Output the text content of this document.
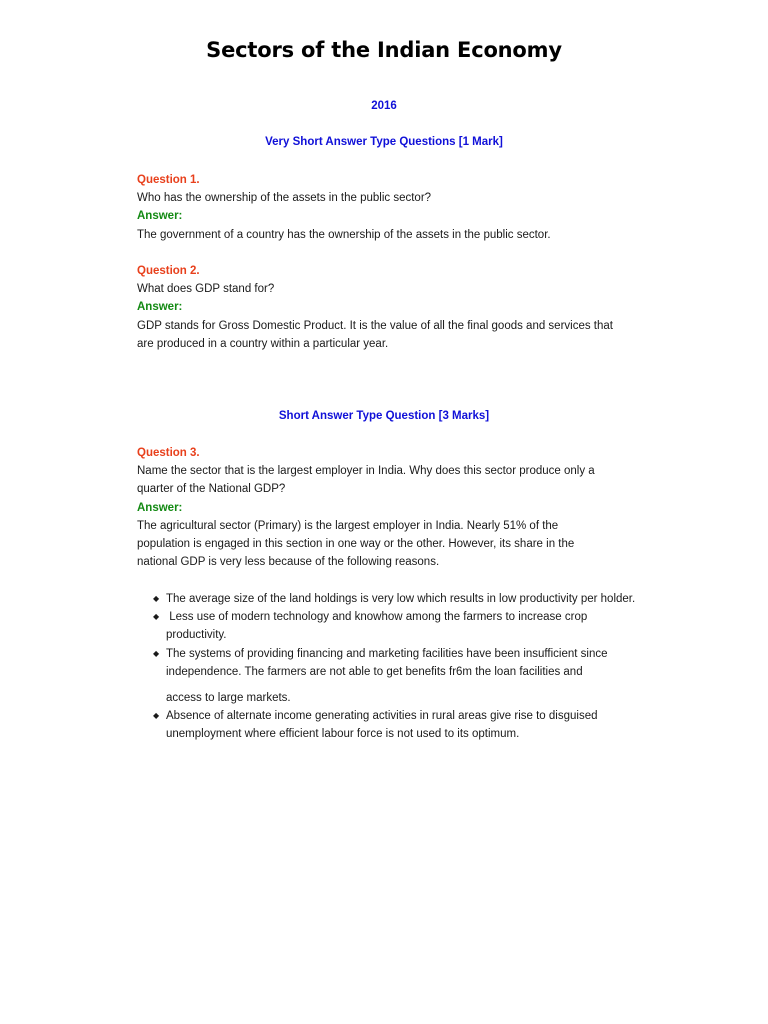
Sectors of the Indian Economy

2016

Very Short Answer Type Questions [1 Mark]

Question 1.
Who has the ownership of the assets in the public sector?
Answer:
The government of a country has the ownership of the assets in the public sector.
Question 2.
What does GDP stand for?
Answer:
GDP stands for Gross Domestic Product. It is the value of all the final goods and services that are produced in a country within a particular year.

Short Answer Type Question [3 Marks]

Question 3.
Name the sector that is the largest employer in India. Why does this sector produce only a quarter of the National GDP?
Answer:
The agricultural sector (Primary) is the largest employer in India. Nearly 51% of the population is engaged in this section in one way or the other. However, its share in the national GDP is very less because of the following reasons.
◆ The average size of the land holdings is very low which results in low productivity per holder.
◆ Less use of modern technology and knowhow among the farmers to increase crop productivity.
◆ The systems of providing financing and marketing facilities have been insufficient since independence. The farmers are not able to get benefits fr6m the loan facilities and
access to large markets.
◆ Absence of alternate income generating activities in rural areas give rise to disguised unemployment where efficient labour force is not used to its optimum.
